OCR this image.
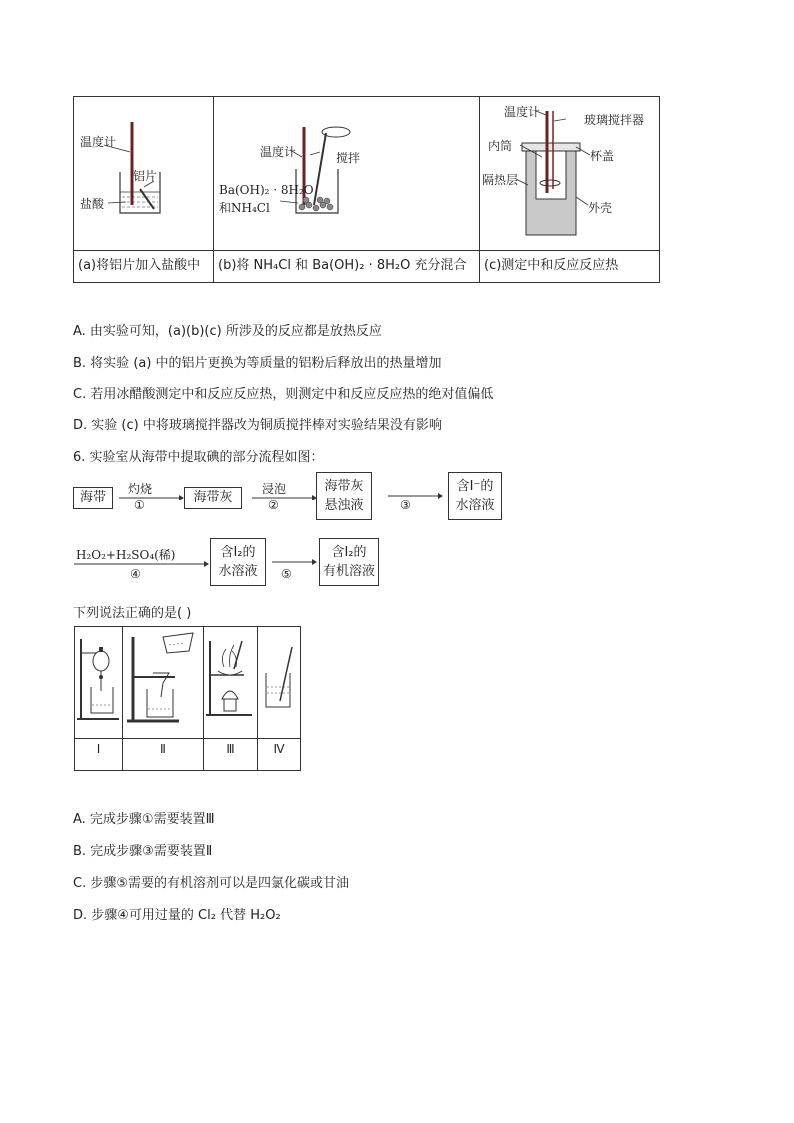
温度计
铝片
盐酸
温度计	搅拌
Ba(OH)₂ · 8H₂O
和NH₄Cl
温度计
玻璃搅拌器
内筒
杯盖
隔热层
外壳
(a)将铝片加入盐酸中 (b)将 NH₄Cl 和 Ba(OH)₂ · 8H₂O 充分混合 (c)测定中和反应反应热
A. 由实验可知，(a)(b)(c) 所涉及的反应都是放热反应
B. 将实验 (a) 中的铝片更换为等质量的铝粉后释放出的热量增加
C. 若用冰醋酸测定中和反应反应热，则测定中和反应反应热的绝对值偏低
D. 实验 (c) 中将玻璃搅拌器改为铜质搅拌棒对实验结果没有影响
6. 实验室从海带中提取碘的部分流程如图：
海带
灼烧
①	海带灰
浸泡
②
海带灰
悬浊液	③
含I⁻的
水溶液
H₂O₂+H₂SO₄(稀)
④
含I₂的
水溶液	⑤
含I₂的
有机溶液
下列说法正确的是( )
Ⅰ	Ⅱ	Ⅲ	Ⅳ
A. 完成步骤①需要装置Ⅲ
B. 完成步骤③需要装置Ⅱ
C. 步骤⑤需要的有机溶剂可以是四氯化碳或甘油
D. 步骤④可用过量的 Cl₂ 代替 H₂O₂
